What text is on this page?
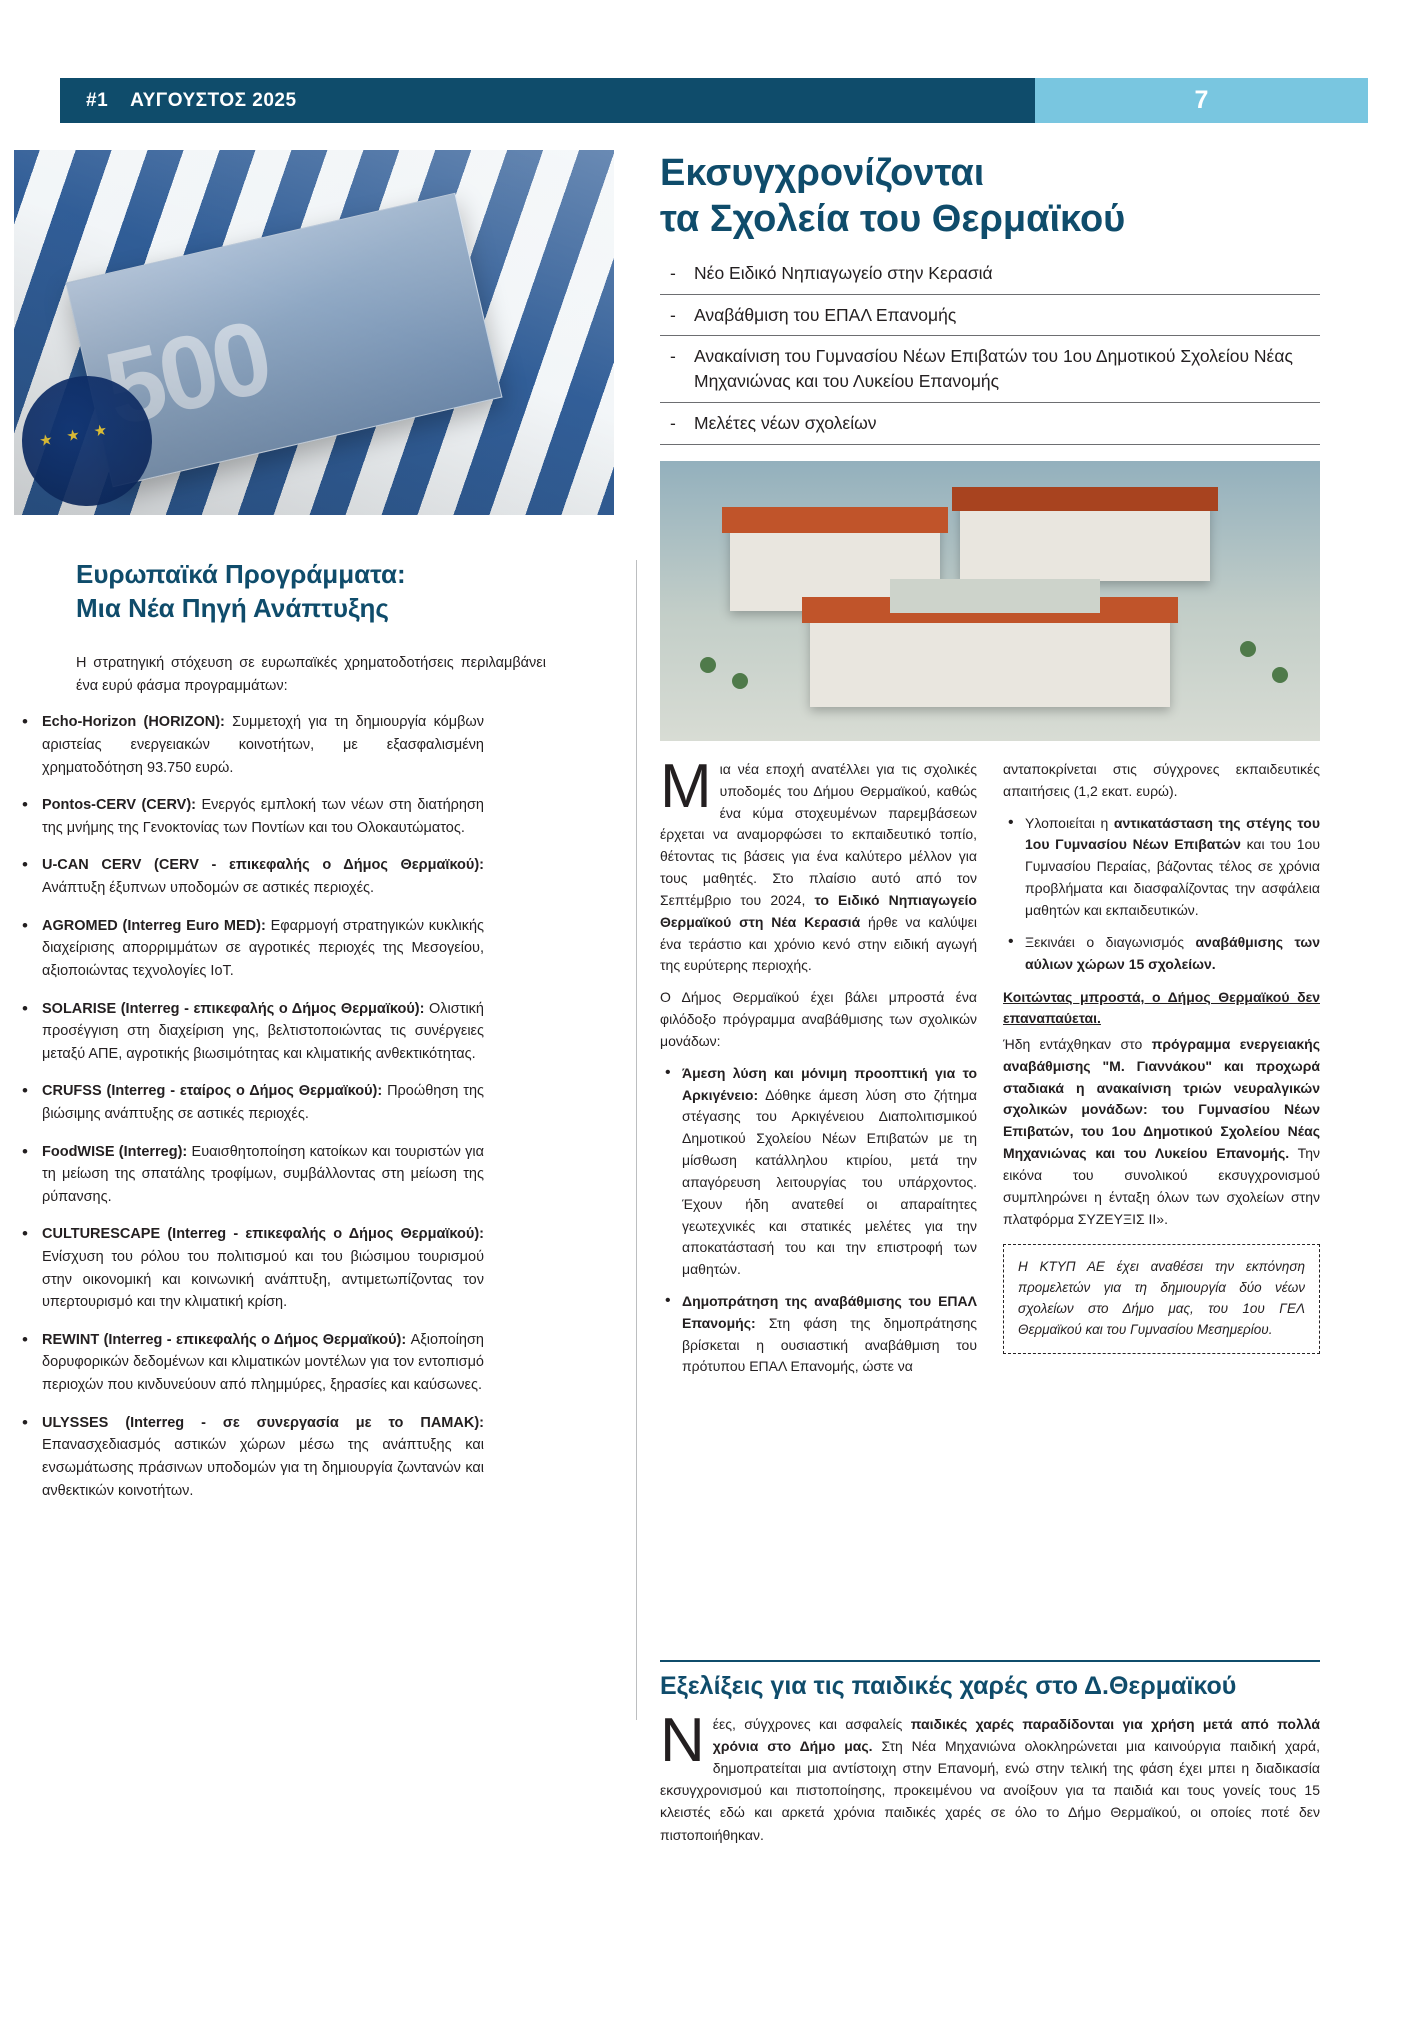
#1 ΑΥΓΟΥΣΤΟΣ 2025	7
500
★ ★ ★
Ευρωπαϊκά Προγράμματα:
Μια Νέα Πηγή Ανάπτυξης
Η στρατηγική στόχευση σε ευρωπαϊκές χρηματοδοτήσεις περιλαμβάνει ένα ευρύ φάσμα προγραμμάτων:
• Echo-Horizon (HORIZON): Συμμετοχή για τη δημιουργία κόμβων αριστείας ενεργειακών κοινοτήτων, με εξασφαλισμένη χρηματοδότηση 93.750 ευρώ.
• Pontos-CERV (CERV): Ενεργός εμπλοκή των νέων στη διατήρηση της μνήμης της Γενοκτονίας των Ποντίων και του Ολοκαυτώματος.
• U-CAN CERV (CERV - επικεφαλής ο Δήμος Θερμαϊκού): Ανάπτυξη έξυπνων υποδομών σε αστικές περιοχές.
• AGROMED (Interreg Euro MED): Εφαρμογή στρατηγικών κυκλικής διαχείρισης απορριμμάτων σε αγροτικές περιοχές της Μεσογείου, αξιοποιώντας τεχνολογίες ΙοΤ.
• SOLARISE (Interreg - επικεφαλής ο Δήμος Θερμαϊκού): Ολιστική προσέγγιση στη διαχείριση γης, βελτιστοποιώντας τις συνέργειες μεταξύ ΑΠΕ, αγροτικής βιωσιμότητας και κλιματικής ανθεκτικότητας.
• CRUFSS (Interreg - εταίρος ο Δήμος Θερμαϊκού): Προώθηση της βιώσιμης ανάπτυξης σε αστικές περιοχές.
• FoodWISE (Interreg): Ευαισθητοποίηση κατοίκων και τουριστών για τη μείωση της σπατάλης τροφίμων, συμβάλλοντας στη μείωση της ρύπανσης.
• CULTURESCAPE (Interreg - επικεφαλής ο Δήμος Θερμαϊκού): Ενίσχυση του ρόλου του πολιτισμού και του βιώσιμου τουρισμού στην οικονομική και κοινωνική ανάπτυξη, αντιμετωπίζοντας τον υπερτουρισμό και την κλιματική κρίση.
• REWINT (Interreg - επικεφαλής ο Δήμος Θερμαϊκού): Αξιοποίηση δορυφορικών δεδομένων και κλιματικών μοντέλων για τον εντοπισμό περιοχών που κινδυνεύουν από πλημμύρες, ξηρασίες και καύσωνες.
• ULYSSES (Interreg - σε συνεργασία με το ΠΑΜΑΚ): Επανασχεδιασμός αστικών χώρων μέσω της ανάπτυξης και ενσωμάτωσης πράσινων υποδομών για τη δημιουργία ζωντανών και ανθεκτικών κοινοτήτων.
Εκσυγχρονίζονται
τα Σχολεία του Θερμαϊκού
- Νέο Ειδικό Νηπιαγωγείο στην Κερασιά
- Αναβάθμιση του ΕΠΑΛ Επανομής
- Ανακαίνιση του Γυμνασίου Νέων Επιβατών του 1ου Δημοτικού Σχολείου Νέας Μηχανιώνας και του Λυκείου Επανομής
- Μελέτες νέων σχολείων

Μια νέα εποχή ανατέλλει για τις σχολικές υποδομές του Δήμου Θερμαϊκού, καθώς ένα κύμα στοχευμένων παρεμβάσεων έρχεται να αναμορφώσει το εκπαιδευτικό τοπίο, θέτοντας τις βάσεις για ένα καλύτερο μέλλον για τους μαθητές. Στο πλαίσιο αυτό από τον Σεπτέμβριο του 2024, το Ειδικό Νηπιαγωγείο Θερμαϊκού στη Νέα Κερασιά ήρθε να καλύψει ένα τεράστιο και χρόνιο κενό στην ειδική αγωγή της ευρύτερης περιοχής.

Ο Δήμος Θερμαϊκού έχει βάλει μπροστά ένα φιλόδοξο πρόγραμμα αναβάθμισης των σχολικών μονάδων:

• Άμεση λύση και μόνιμη προοπτική για το Αρκιγένειο: Δόθηκε άμεση λύση στο ζήτημα στέγασης του Αρκιγένειου Διαπολιτισμικού Δημοτικού Σχολείου Νέων Επιβατών με τη μίσθωση κατάλληλου κτιρίου, μετά την απαγόρευση λειτουργίας του υπάρχοντος. Έχουν ήδη ανατεθεί οι απαραίτητες γεωτεχνικές και στατικές μελέτες για την αποκατάστασή του και την επιστροφή των μαθητών.
• Δημοπράτηση της αναβάθμισης του ΕΠΑΛ Επανομής: Στη φάση της δημοπράτησης βρίσκεται η ουσιαστική αναβάθμιση του πρότυπου ΕΠΑΛ Επανομής, ώστε να

ανταποκρίνεται στις σύγχρονες εκπαιδευτικές απαιτήσεις (1,2 εκατ. ευρώ).

• Υλοποιείται η αντικατάσταση της στέγης του 1ου Γυμνασίου Νέων Επιβατών και του 1ου Γυμνασίου Περαίας, βάζοντας τέλος σε χρόνια προβλήματα και διασφαλίζοντας την ασφάλεια μαθητών και εκπαιδευτικών.
• Ξεκινάει ο διαγωνισμός αναβάθμισης των αύλιων χώρων 15 σχολείων.
Κοιτώντας μπροστά, ο Δήμος Θερμαϊκού δεν επαναπαύεται.

Ήδη εντάχθηκαν στο πρόγραμμα ενεργειακής αναβάθμισης "Μ. Γιαννάκου" και προχωρά σταδιακά η ανακαίνιση τριών νευραλγικών σχολικών μονάδων: του Γυμνασίου Νέων Επιβατών, του 1ου Δημοτικού Σχολείου Νέας Μηχανιώνας και του Λυκείου Επανομής. Την εικόνα του συνολικού εκσυγχρονισμού συμπληρώνει η ένταξη όλων των σχολείων στην πλατφόρμα ΣΥΖΕΥΞΙΣ II».

Η ΚΤΥΠ ΑΕ έχει αναθέσει την εκπόνηση προμελετών για τη δημιουργία δύο νέων σχολείων στο Δήμο μας, του 1ου ΓΕΛ Θερμαϊκού και του Γυμνασίου Μεσημερίου.
Εξελίξεις για τις παιδικές χαρές στο Δ.Θερμαϊκού
Νέες, σύγχρονες και ασφαλείς παιδικές χαρές παραδίδονται για χρήση μετά από πολλά χρόνια στο Δήμο μας. Στη Νέα Μηχανιώνα ολοκληρώνεται μια καινούργια παιδική χαρά, δημοπρατείται μια αντίστοιχη στην Επανομή, ενώ στην τελική της φάση έχει μπει η διαδικασία εκσυγχρονισμού και πιστοποίησης, προκειμένου να ανοίξουν για τα παιδιά και τους γονείς τους 15 κλειστές εδώ και αρκετά χρόνια παιδικές χαρές σε όλο το Δήμο Θερμαϊκού, οι οποίες ποτέ δεν πιστοποιήθηκαν.
